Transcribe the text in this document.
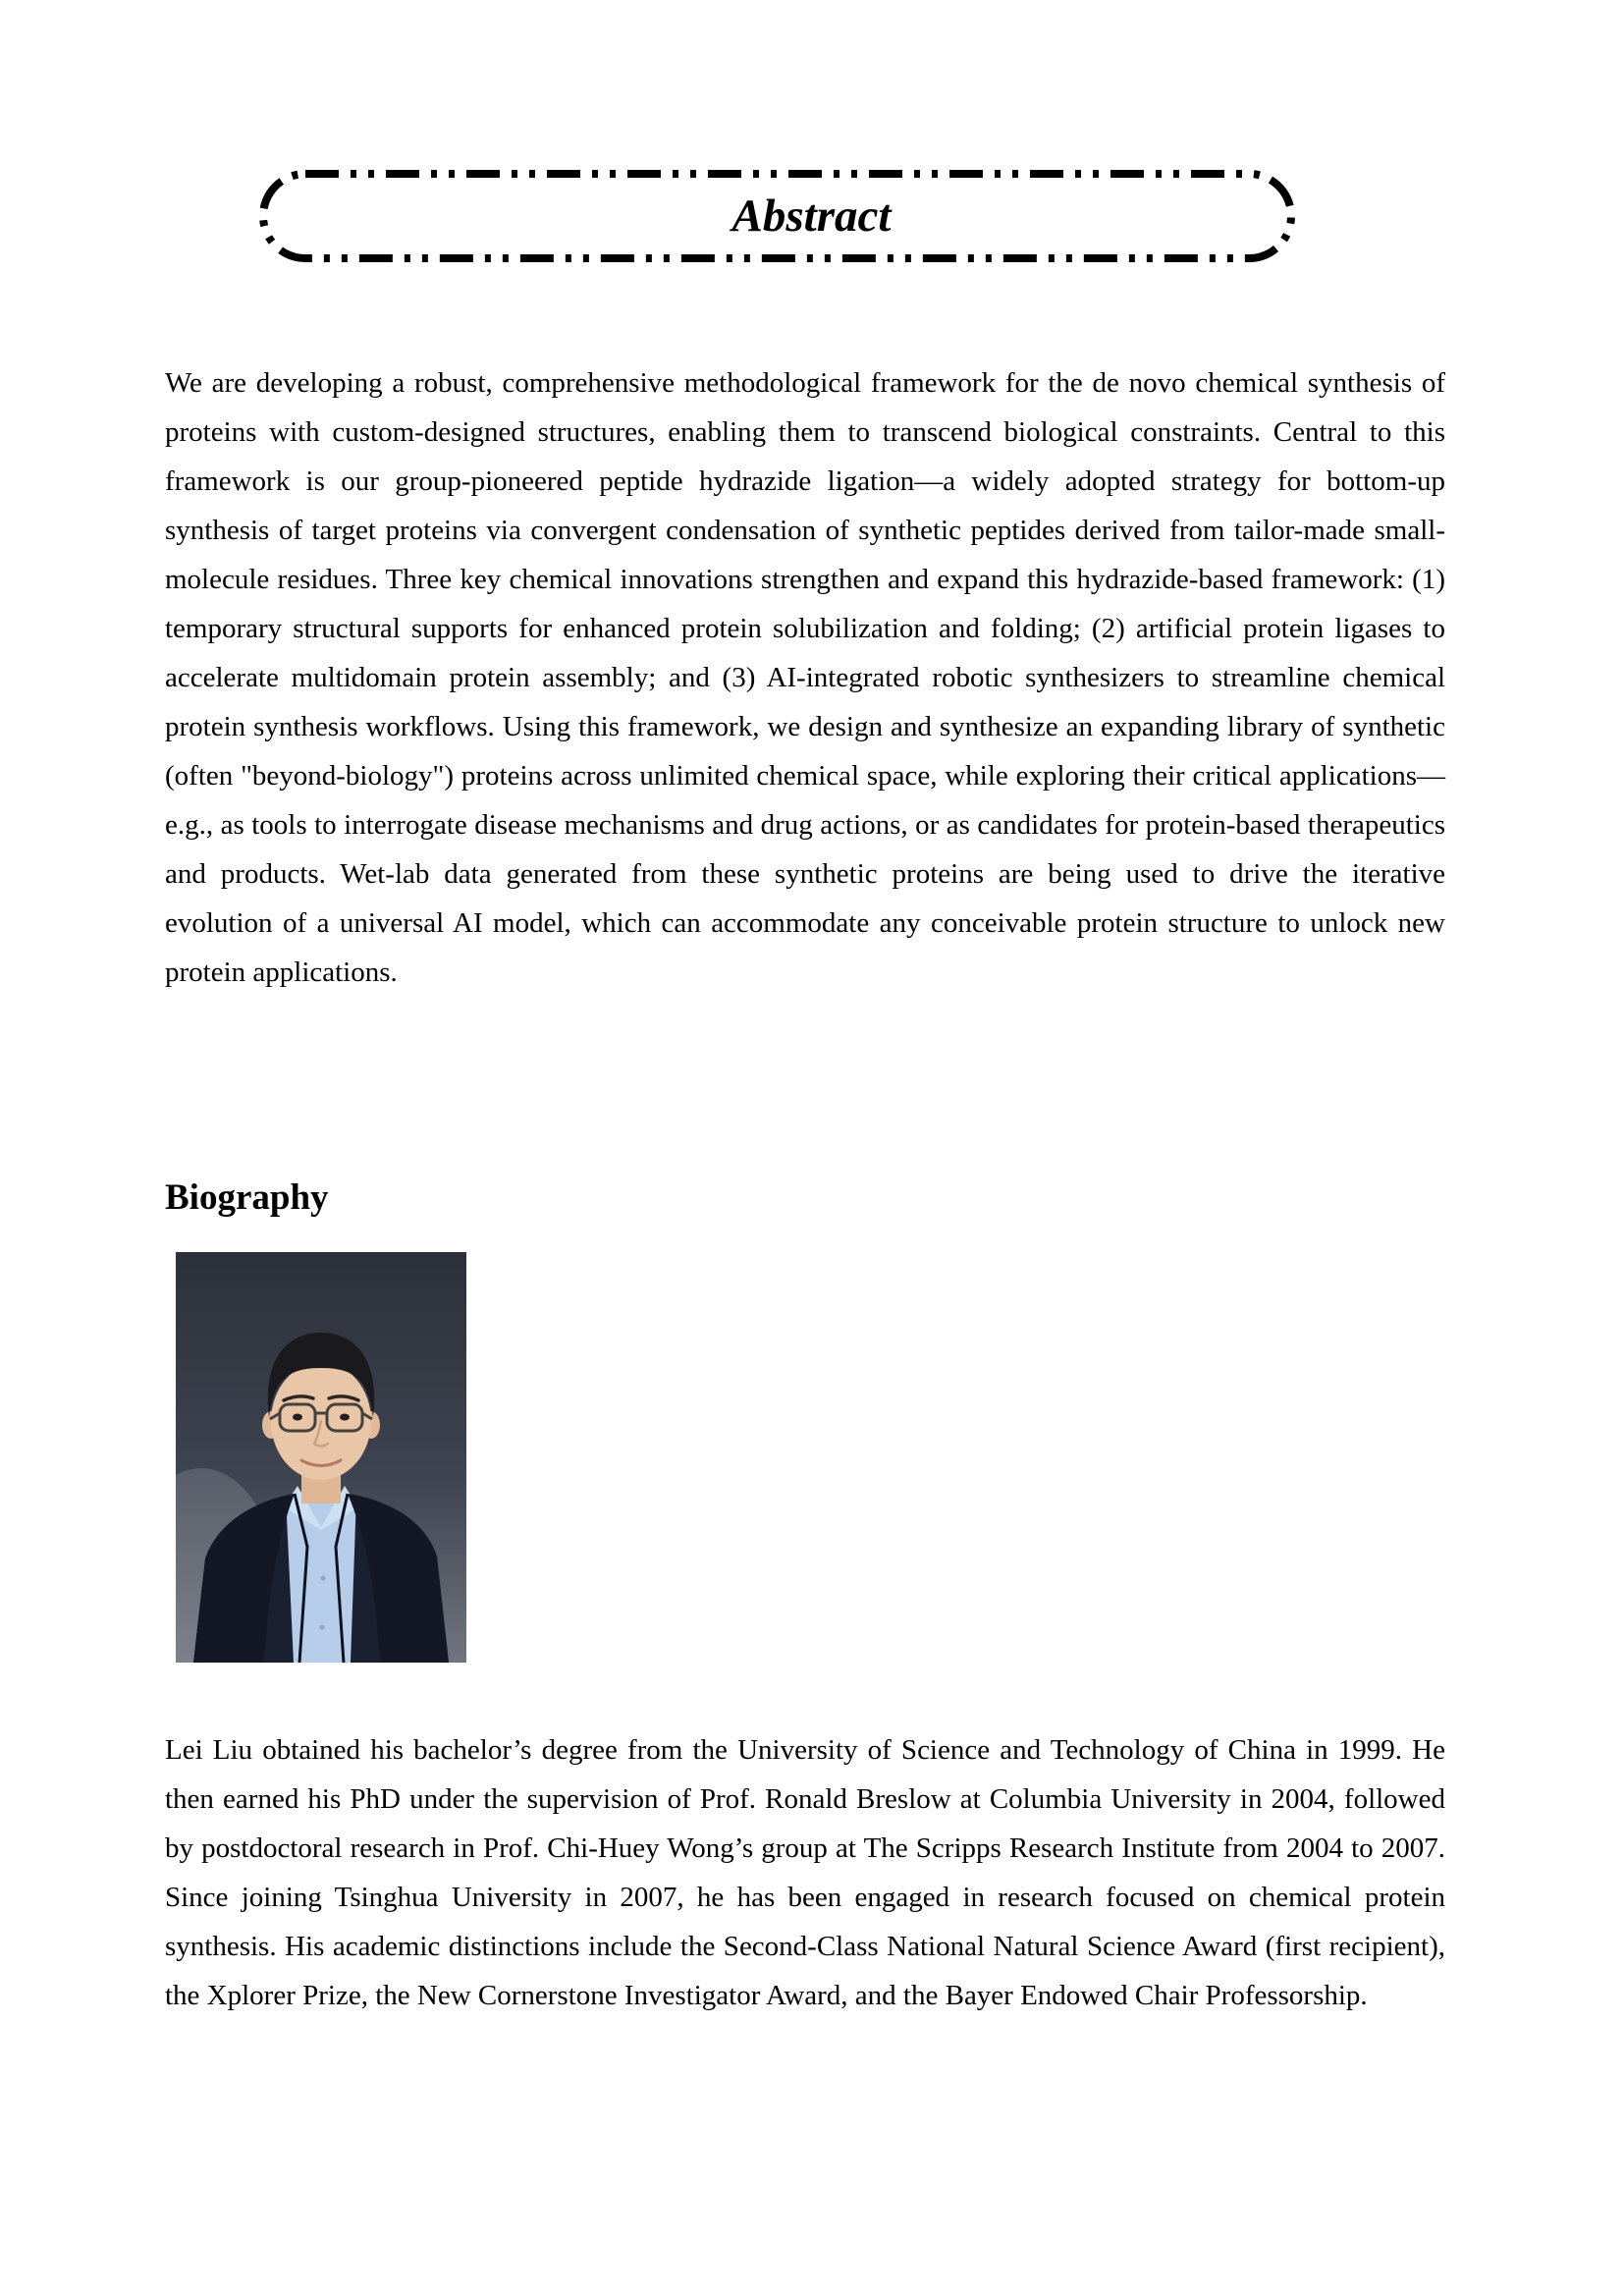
Abstract

We are developing a robust, comprehensive methodological framework for the de novo chemical synthesis of proteins with custom-designed structures, enabling them to transcend biological constraints. Central to this framework is our group-pioneered peptide hydrazide ligation—a widely adopted strategy for bottom-up synthesis of target proteins via convergent condensation of synthetic peptides derived from tailor-made small-molecule residues. Three key chemical innovations strengthen and expand this hydrazide-based framework: (1) temporary structural supports for enhanced protein solubilization and folding; (2) artificial protein ligases to accelerate multidomain protein assembly; and (3) AI-integrated robotic synthesizers to streamline chemical protein synthesis workflows. Using this framework, we design and synthesize an expanding library of synthetic (often "beyond-biology") proteins across unlimited chemical space, while exploring their critical applications—e.g., as tools to interrogate disease mechanisms and drug actions, or as candidates for protein-based therapeutics and products. Wet-lab data generated from these synthetic proteins are being used to drive the iterative evolution of a universal AI model, which can accommodate any conceivable protein structure to unlock new protein applications.

Biography

Lei Liu obtained his bachelor’s degree from the University of Science and Technology of China in 1999. He then earned his PhD under the supervision of Prof. Ronald Breslow at Columbia University in 2004, followed by postdoctoral research in Prof. Chi-Huey Wong’s group at The Scripps Research Institute from 2004 to 2007. Since joining Tsinghua University in 2007, he has been engaged in research focused on chemical protein synthesis. His academic distinctions include the Second-Class National Natural Science Award (first recipient), the Xplorer Prize, the New Cornerstone Investigator Award, and the Bayer Endowed Chair Professorship.
